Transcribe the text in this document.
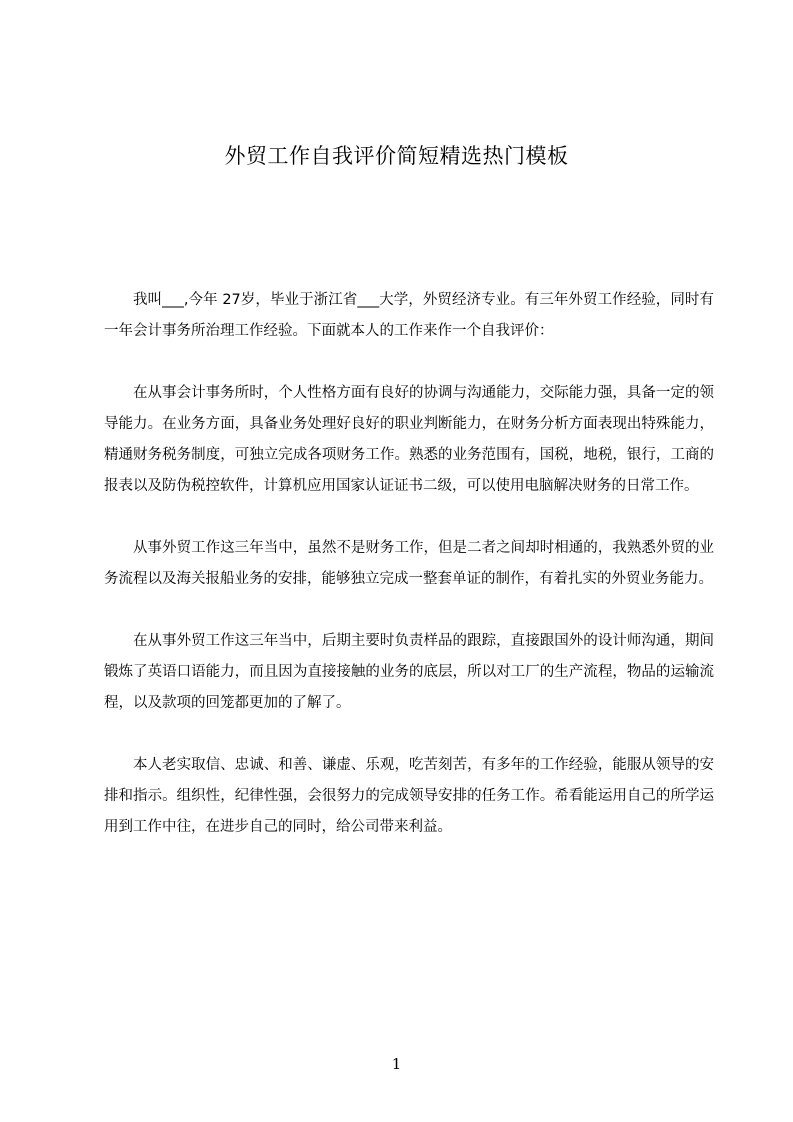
外贸工作自我评价简短精选热门模板

我叫___,今年 27岁，毕业于浙江省___大学，外贸经济专业。有三年外贸工作经验，同时有一年会计事务所治理工作经验。下面就本人的工作来作一个自我评价：

在从事会计事务所时，个人性格方面有良好的协调与沟通能力，交际能力强，具备一定的领导能力。在业务方面，具备业务处理好良好的职业判断能力，在财务分析方面表现出特殊能力，精通财务税务制度，可独立完成各项财务工作。熟悉的业务范围有，国税，地税，银行，工商的报表以及防伪税控软件，计算机应用国家认证证书二级，可以使用电脑解决财务的日常工作。

从事外贸工作这三年当中，虽然不是财务工作，但是二者之间却时相通的，我熟悉外贸的业务流程以及海关报船业务的安排，能够独立完成一整套单证的制作，有着扎实的外贸业务能力。

在从事外贸工作这三年当中，后期主要时负责样品的跟踪，直接跟国外的设计师沟通，期间锻炼了英语口语能力，而且因为直接接触的业务的底层，所以对工厂的生产流程，物品的运输流程，以及款项的回笼都更加的了解了。

本人老实取信、忠诚、和善、谦虚、乐观，吃苦刻苦，有多年的工作经验，能服从领导的安排和指示。组织性，纪律性强，会很努力的完成领导安排的任务工作。希看能运用自己的所学运用到工作中往，在进步自己的同时，给公司带来利益。

1
